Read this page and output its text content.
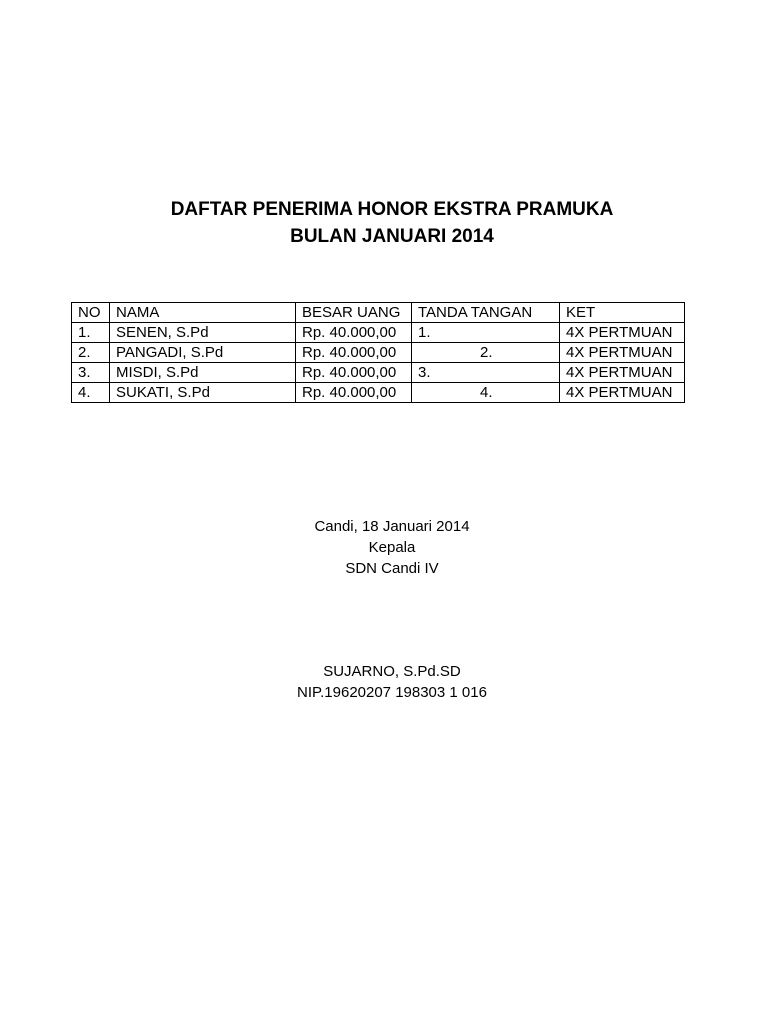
DAFTAR PENERIMA HONOR EKSTRA PRAMUKA
BULAN JANUARI 2014
NO	NAMA	BESAR UANG	TANDA TANGAN	KET
1.	SENEN, S.Pd	Rp. 40.000,00	1.	4X PERTMUAN
2.	PANGADI, S.Pd	Rp. 40.000,00	2.	4X PERTMUAN
3.	MISDI, S.Pd	Rp. 40.000,00	3.	4X PERTMUAN
4.	SUKATI, S.Pd	Rp. 40.000,00	4.	4X PERTMUAN
Candi, 18 Januari 2014
Kepala
SDN Candi IV
SUJARNO, S.Pd.SD
NIP.19620207 198303 1 016
